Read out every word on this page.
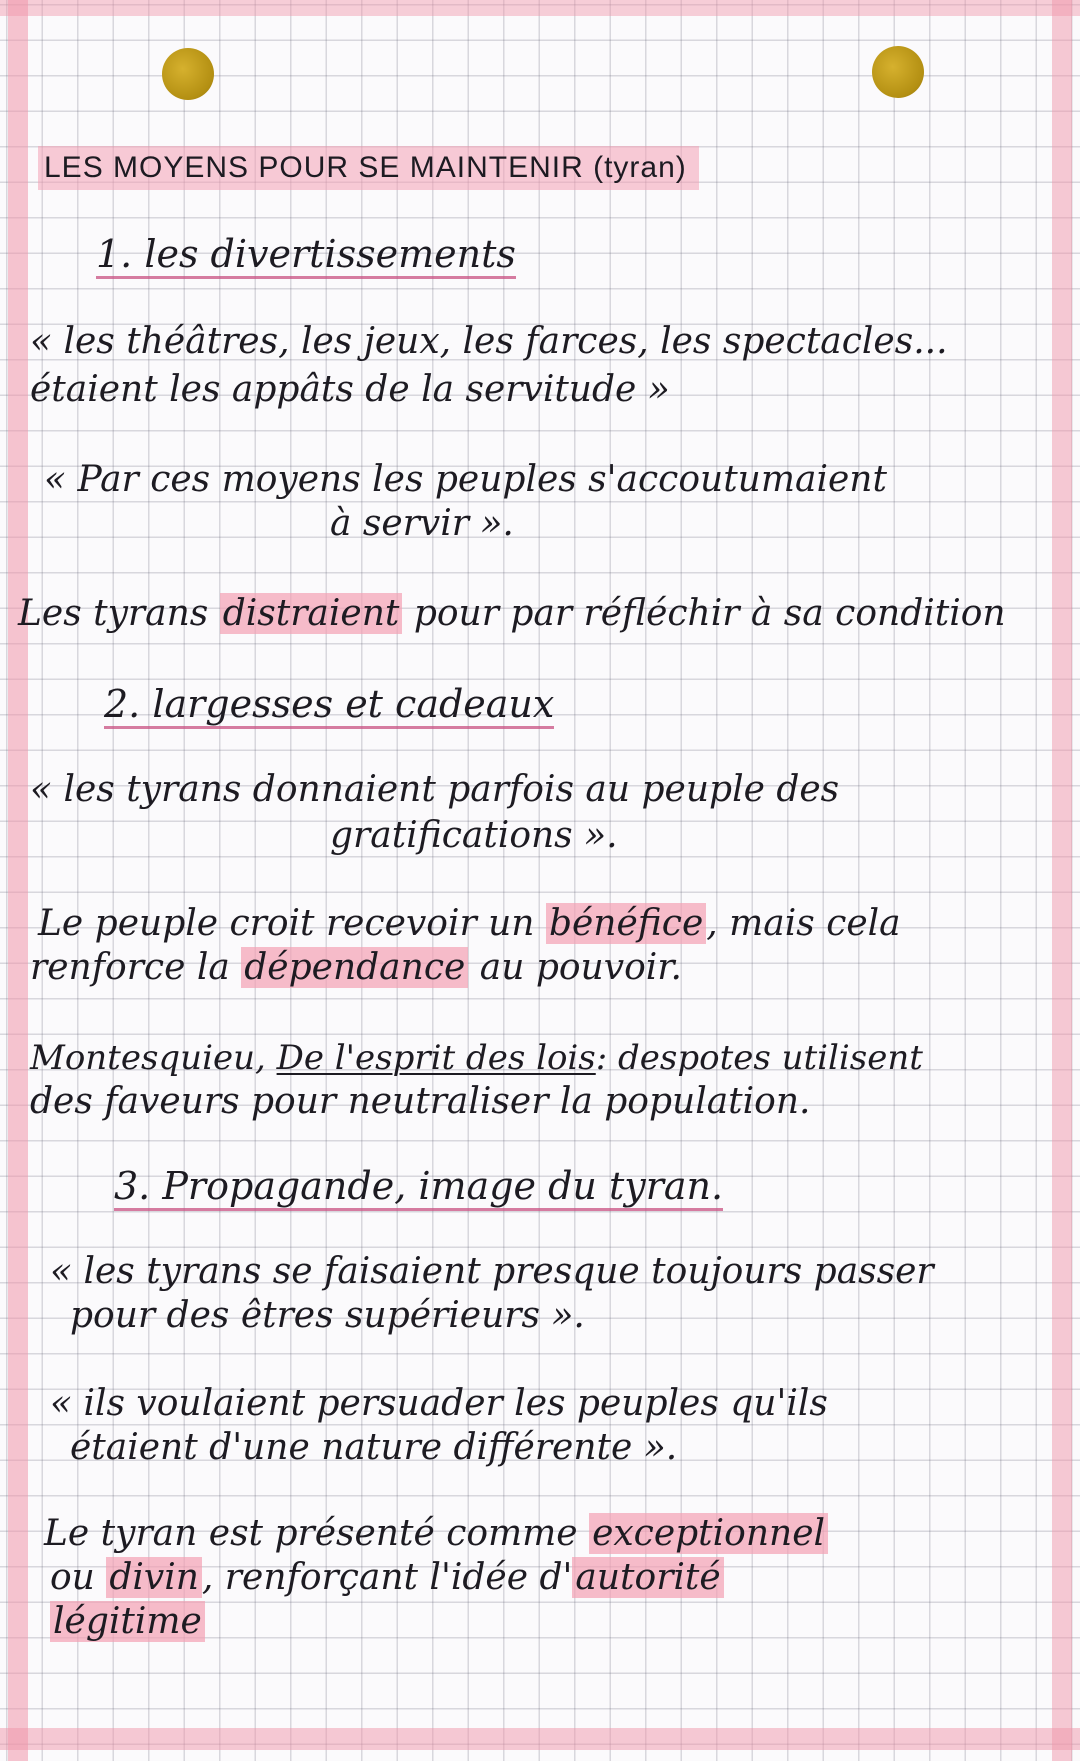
LES MOYENS POUR SE MAINTENIR (tyran)

1. les divertissements

« les théâtres, les jeux, les farces, les spectacles...

étaient les appâts de la servitude »

« Par ces moyens les peuples s'accoutumaient

à servir ».

Les tyrans distraient pour par réfléchir à sa condition

2. largesses et cadeaux

« les tyrans donnaient parfois au peuple des

gratifications ».

Le peuple croit recevoir un bénéfice, mais cela

renforce la dépendance au pouvoir.

Montesquieu, De l'esprit des lois: despotes utilisent

des faveurs pour neutraliser la population.

3. Propagande, image du tyran.

« les tyrans se faisaient presque toujours passer

pour des êtres supérieurs ».

« ils voulaient persuader les peuples qu'ils

étaient d'une nature différente ».

Le tyran est présenté comme exceptionnel

ou divin, renforçant l'idée d'autorité

légitime
